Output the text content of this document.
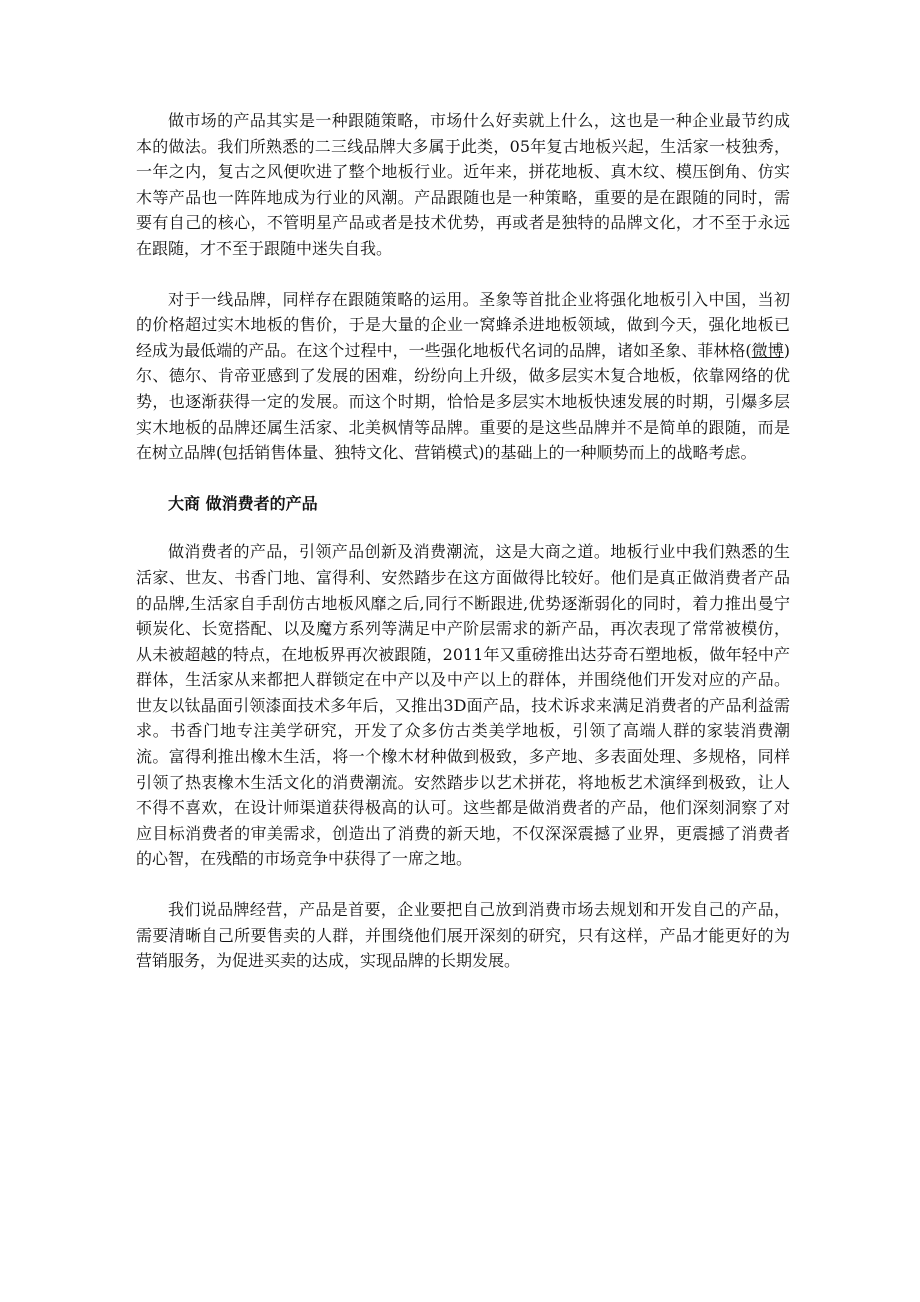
做市场的产品其实是一种跟随策略，市场什么好卖就上什么，这也是一种企业最节约成本的做法。我们所熟悉的二三线品牌大多属于此类，05年复古地板兴起，生活家一枝独秀，一年之内，复古之风便吹进了整个地板行业。近年来，拼花地板、真木纹、模压倒角、仿实木等产品也一阵阵地成为行业的风潮。产品跟随也是一种策略，重要的是在跟随的同时，需要有自己的核心，不管明星产品或者是技术优势，再或者是独特的品牌文化，才不至于永远在跟随，才不至于跟随中迷失自我。

对于一线品牌，同样存在跟随策略的运用。圣象等首批企业将强化地板引入中国，当初的价格超过实木地板的售价，于是大量的企业一窝蜂杀进地板领域，做到今天，强化地板已经成为最低端的产品。在这个过程中，一些强化地板代名词的品牌，诸如圣象、菲林格(微博)尔、德尔、肯帝亚感到了发展的困难，纷纷向上升级，做多层实木复合地板，依靠网络的优势，也逐渐获得一定的发展。而这个时期，恰恰是多层实木地板快速发展的时期，引爆多层实木地板的品牌还属生活家、北美枫情等品牌。重要的是这些品牌并不是简单的跟随，而是在树立品牌(包括销售体量、独特文化、营销模式)的基础上的一种顺势而上的战略考虑。

大商 做消费者的产品

做消费者的产品，引领产品创新及消费潮流，这是大商之道。地板行业中我们熟悉的生活家、世友、书香门地、富得利、安然踏步在这方面做得比较好。他们是真正做消费者产品的品牌,生活家自手刮仿古地板风靡之后,同行不断跟进,优势逐渐弱化的同时，着力推出曼宁顿炭化、长宽搭配、以及魔方系列等满足中产阶层需求的新产品，再次表现了常常被模仿，从未被超越的特点，在地板界再次被跟随，2011年又重磅推出达芬奇石塑地板，做年轻中产群体，生活家从来都把人群锁定在中产以及中产以上的群体，并围绕他们开发对应的产品。世友以钛晶面引领漆面技术多年后，又推出3D面产品，技术诉求来满足消费者的产品利益需求。书香门地专注美学研究，开发了众多仿古类美学地板，引领了高端人群的家装消费潮流。富得利推出橡木生活，将一个橡木材种做到极致，多产地、多表面处理、多规格，同样引领了热衷橡木生活文化的消费潮流。安然踏步以艺术拼花，将地板艺术演绎到极致，让人不得不喜欢，在设计师渠道获得极高的认可。这些都是做消费者的产品，他们深刻洞察了对应目标消费者的审美需求，创造出了消费的新天地，不仅深深震撼了业界，更震撼了消费者的心智，在残酷的市场竞争中获得了一席之地。

我们说品牌经营，产品是首要，企业要把自己放到消费市场去规划和开发自己的产品，需要清晰自己所要售卖的人群，并围绕他们展开深刻的研究，只有这样，产品才能更好的为营销服务，为促进买卖的达成，实现品牌的长期发展。
